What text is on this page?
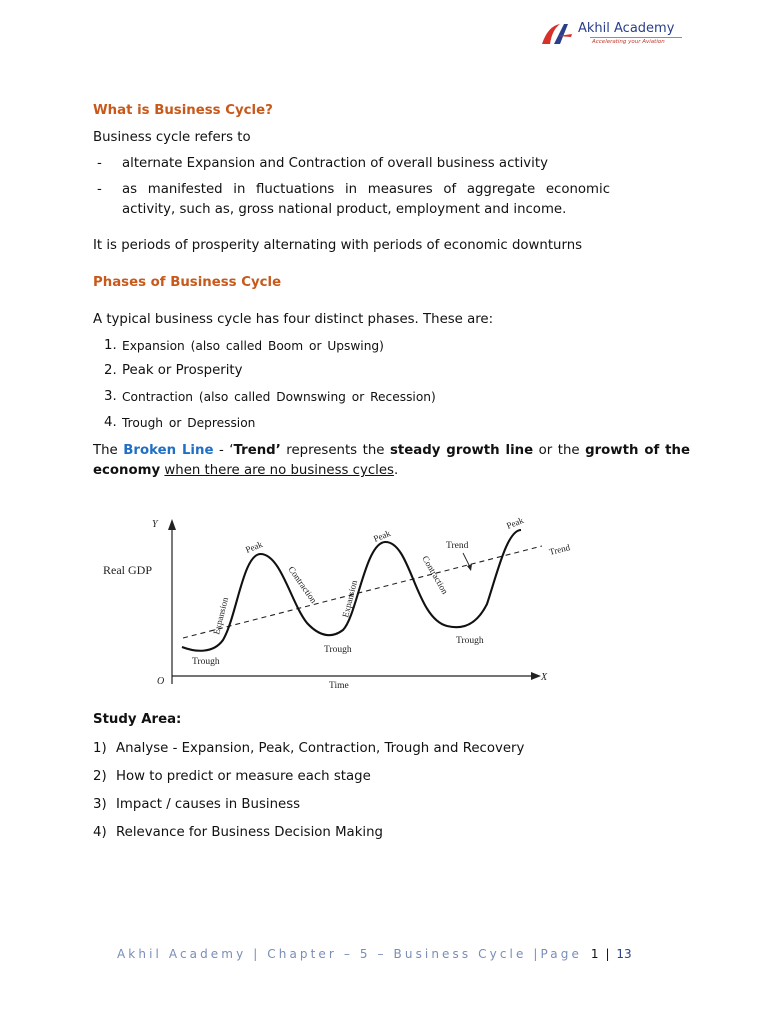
Akhil Academy
Accelerating your Aviation
What is Business Cycle?
Business cycle refers to
- alternate Expansion and Contraction of overall business activity
- as manifested in fluctuations in measures of aggregate economic
activity, such as, gross national product, employment and income.
It is periods of prosperity alternating with periods of economic downturns
Phases of Business Cycle
A typical business cycle has four distinct phases. These are:
1. Expansion (also called Boom or Upswing)
2. Peak or Prosperity
3. Contraction (also called Downswing or Recession)
4. Trough or Depression
The Broken Line - ‘Trend’ represents the steady growth line or the growth of the
economy when there are no business cycles.
Y
X
O
Real GDP
Time
Trough
Expansion
Peak
Contraction
Trough
Expansion
Peak
Contraction
Trough
Trend
Peak
Trend
Study Area:
1) Analyse - Expansion, Peak, Contraction, Trough and Recovery
2) How to predict or measure each stage
3) Impact / causes in Business
4) Relevance for Business Decision Making
Akhil Academy | Chapter – 5 – Business Cycle |Page 1 | 13
